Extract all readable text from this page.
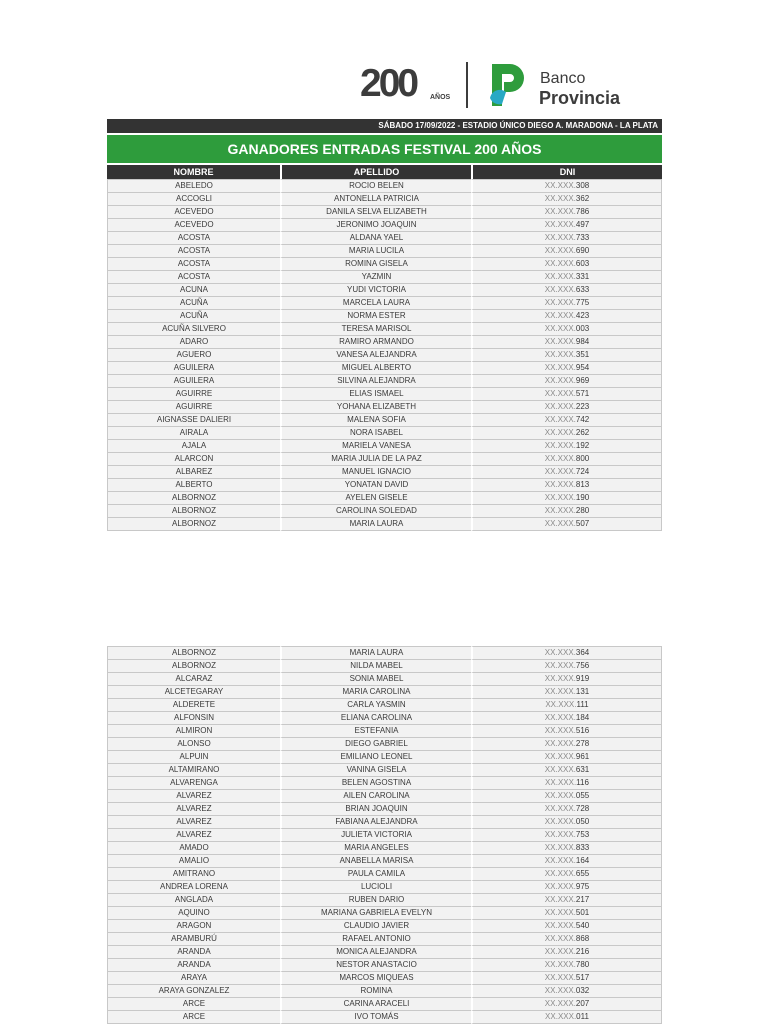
200 AÑOS
Banco
Provincia
SÁBADO 17/09/2022 - ESTADIO ÚNICO DIEGO A. MARADONA - LA PLATA
GANADORES ENTRADAS FESTIVAL 200 AÑOS
NOMBRE	APELLIDO	DNI
ABELEDO	ROCIO BELEN	XX.XXX.308
ACCOGLI	ANTONELLA PATRICIA	XX.XXX.362
ACEVEDO	DANILA SELVA ELIZABETH	XX.XXX.786
ACEVEDO	JERONIMO JOAQUIN	XX.XXX.497
ACOSTA	ALDANA YAEL	XX.XXX.733
ACOSTA	MARIA LUCILA	XX.XXX.690
ACOSTA	ROMINA GISELA	XX.XXX.603
ACOSTA	YAZMIN	XX.XXX.331
ACUNA	YUDI VICTORIA	XX.XXX.633
ACUÑA	MARCELA LAURA	XX.XXX.775
ACUÑA	NORMA ESTER	XX.XXX.423
ACUÑA SILVERO	TERESA MARISOL	XX.XXX.003
ADARO	RAMIRO ARMANDO	XX.XXX.984
AGUERO	VANESA ALEJANDRA	XX.XXX.351
AGUILERA	MIGUEL ALBERTO	XX.XXX.954
AGUILERA	SILVINA ALEJANDRA	XX.XXX.969
AGUIRRE	ELIAS ISMAEL	XX.XXX.571
AGUIRRE	YOHANA ELIZABETH	XX.XXX.223
AIGNASSE DALIERI	MALENA SOFIA	XX.XXX.742
AIRALA	NORA ISABEL	XX.XXX.262
AJALA	MARIELA VANESA	XX.XXX.192
ALARCON	MARIA JULIA DE LA PAZ	XX.XXX.800
ALBAREZ	MANUEL IGNACIO	XX.XXX.724
ALBERTO	YONATAN DAVID	XX.XXX.813
ALBORNOZ	AYELEN GISELE	XX.XXX.190
ALBORNOZ	CAROLINA SOLEDAD	XX.XXX.280
ALBORNOZ	MARIA LAURA	XX.XXX.507
ALBORNOZ	MARIA LAURA	XX.XXX.364
ALBORNOZ	NILDA MABEL	XX.XXX.756
ALCARAZ	SONIA MABEL	XX.XXX.919
ALCETEGARAY	MARIA CAROLINA	XX.XXX.131
ALDERETE	CARLA YASMIN	XX.XXX.111
ALFONSIN	ELIANA CAROLINA	XX.XXX.184
ALMIRON	ESTEFANIA	XX.XXX.516
ALONSO	DIEGO GABRIEL	XX.XXX.278
ALPUIN	EMILIANO LEONEL	XX.XXX.961
ALTAMIRANO	VANINA GISELA	XX.XXX.631
ALVARENGA	BELEN AGOSTINA	XX.XXX.116
ALVAREZ	AILEN CAROLINA	XX.XXX.055
ALVAREZ	BRIAN JOAQUIN	XX.XXX.728
ALVAREZ	FABIANA ALEJANDRA	XX.XXX.050
ALVAREZ	JULIETA VICTORIA	XX.XXX.753
AMADO	MARIA ANGELES	XX.XXX.833
AMALIO	ANABELLA MARISA	XX.XXX.164
AMITRANO	PAULA CAMILA	XX.XXX.655
ANDREA LORENA	LUCIOLI	XX.XXX.975
ANGLADA	RUBEN DARIO	XX.XXX.217
AQUINO	MARIANA GABRIELA EVELYN	XX.XXX.501
ARAGON	CLAUDIO JAVIER	XX.XXX.540
ARAMBURÚ	RAFAEL ANTONIO	XX.XXX.868
ARANDA	MONICA ALEJANDRA	XX.XXX.216
ARANDA	NESTOR ANASTACIO	XX.XXX.780
ARAYA	MARCOS MIQUEAS	XX.XXX.517
ARAYA GONZALEZ	ROMINA	XX.XXX.032
ARCE	CARINA ARACELI	XX.XXX.207
ARCE	IVO TOMÁS	XX.XXX.011
